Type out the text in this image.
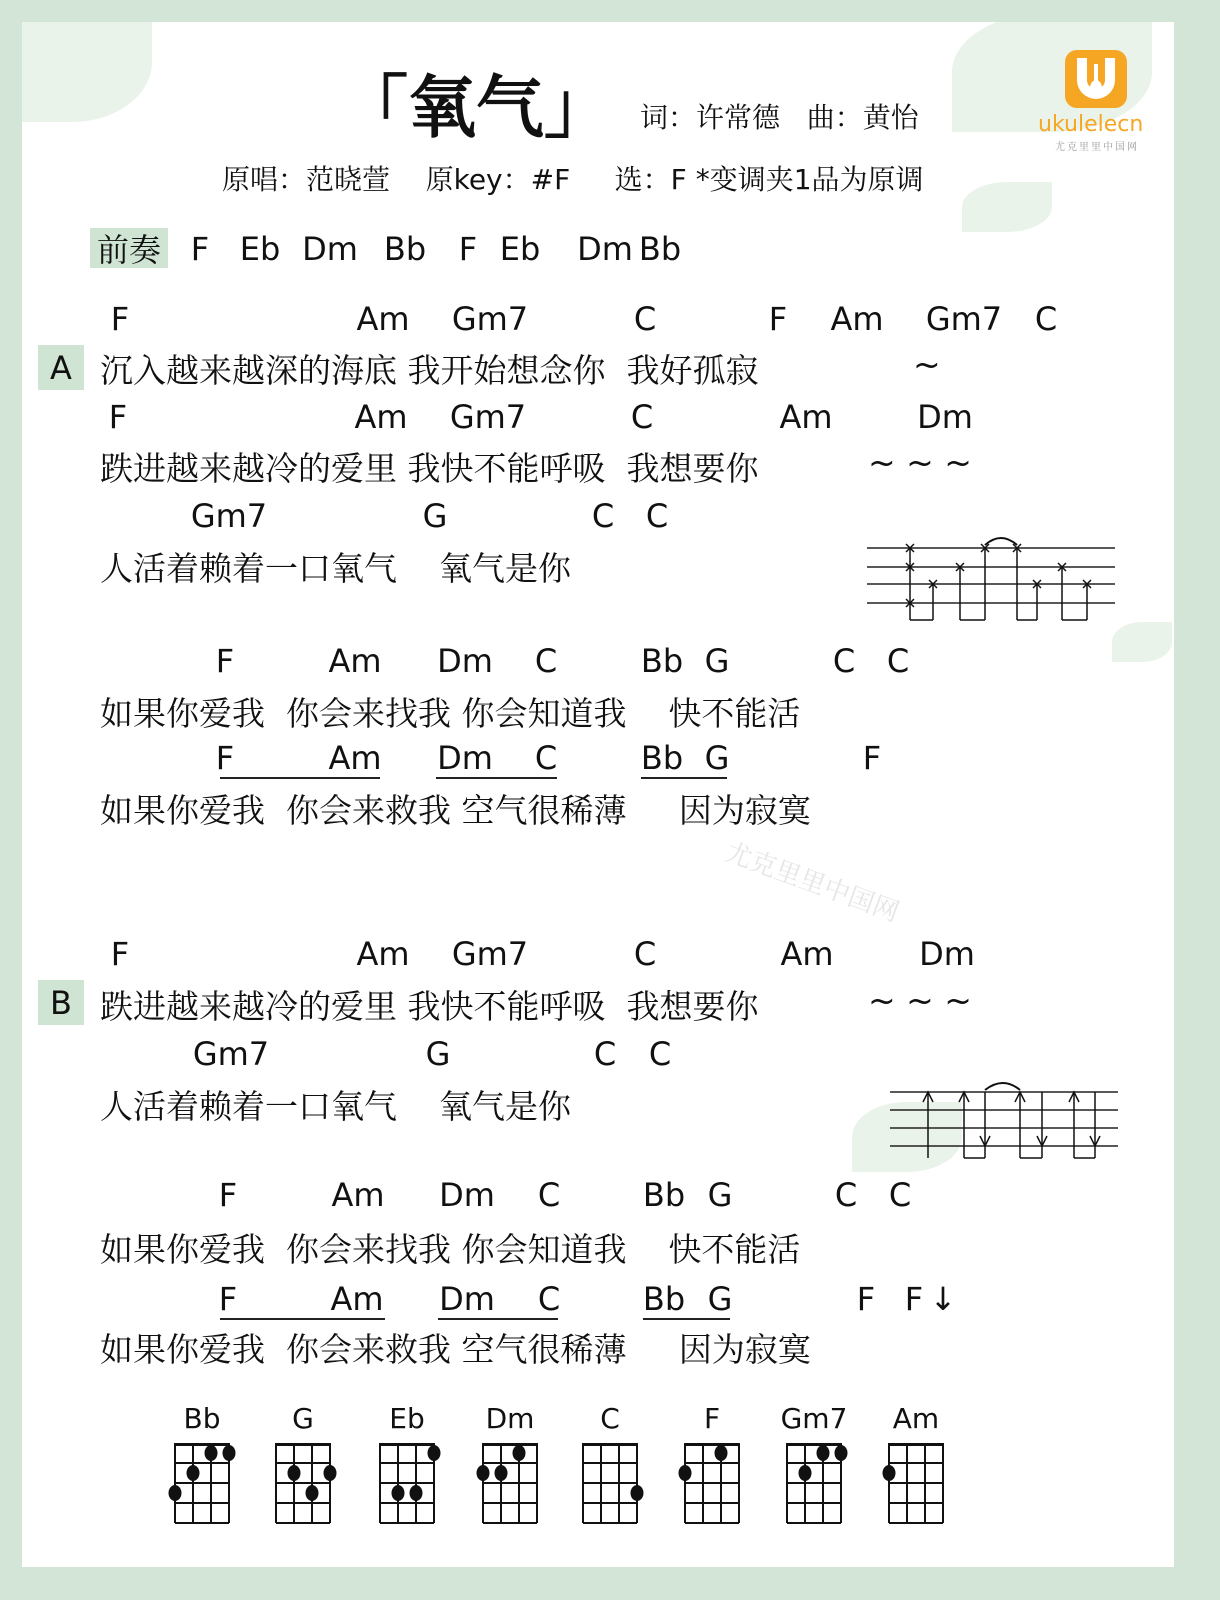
尤克里里中国网
「氧气」 词：许常德   曲：黄怡
原唱：范晓萱    原key：#F     选：F *变调夹1品为原调
ukulelecn
尤克里里中国网
前奏 F Eb Dm Bb F Eb Dm Bb
A
F	Am Gm7	C	F Am Gm7 C
沉入越来越深的海底 我开始想念你  我好孤寂	~
F	Am Gm7	C	Am	Dm
跌进越来越冷的爱里 我快不能呼吸  我想要你	~ ~ ~
Gm7	G	C C
人活着赖着一口氧气    氧气是你
F	Am Dm C	Bb G	C C
如果你爱我  你会来找我 你会知道我    快不能活
F	Am Dm C	Bb G	F
如果你爱我  你会来救我 空气很稀薄     因为寂寞
B
F	Am Gm7	C	Am	Dm
跌进越来越冷的爱里 我快不能呼吸  我想要你	~ ~ ~
Gm7	G	C C
人活着赖着一口氧气    氧气是你
F	Am Dm C	Bb G	C C
如果你爱我  你会来找我 你会知道我    快不能活
F	Am Dm C	Bb G	F F ↓
如果你爱我  你会来救我 空气很稀薄     因为寂寞
Bb	G	Eb Dm C	F Gm7 Am
